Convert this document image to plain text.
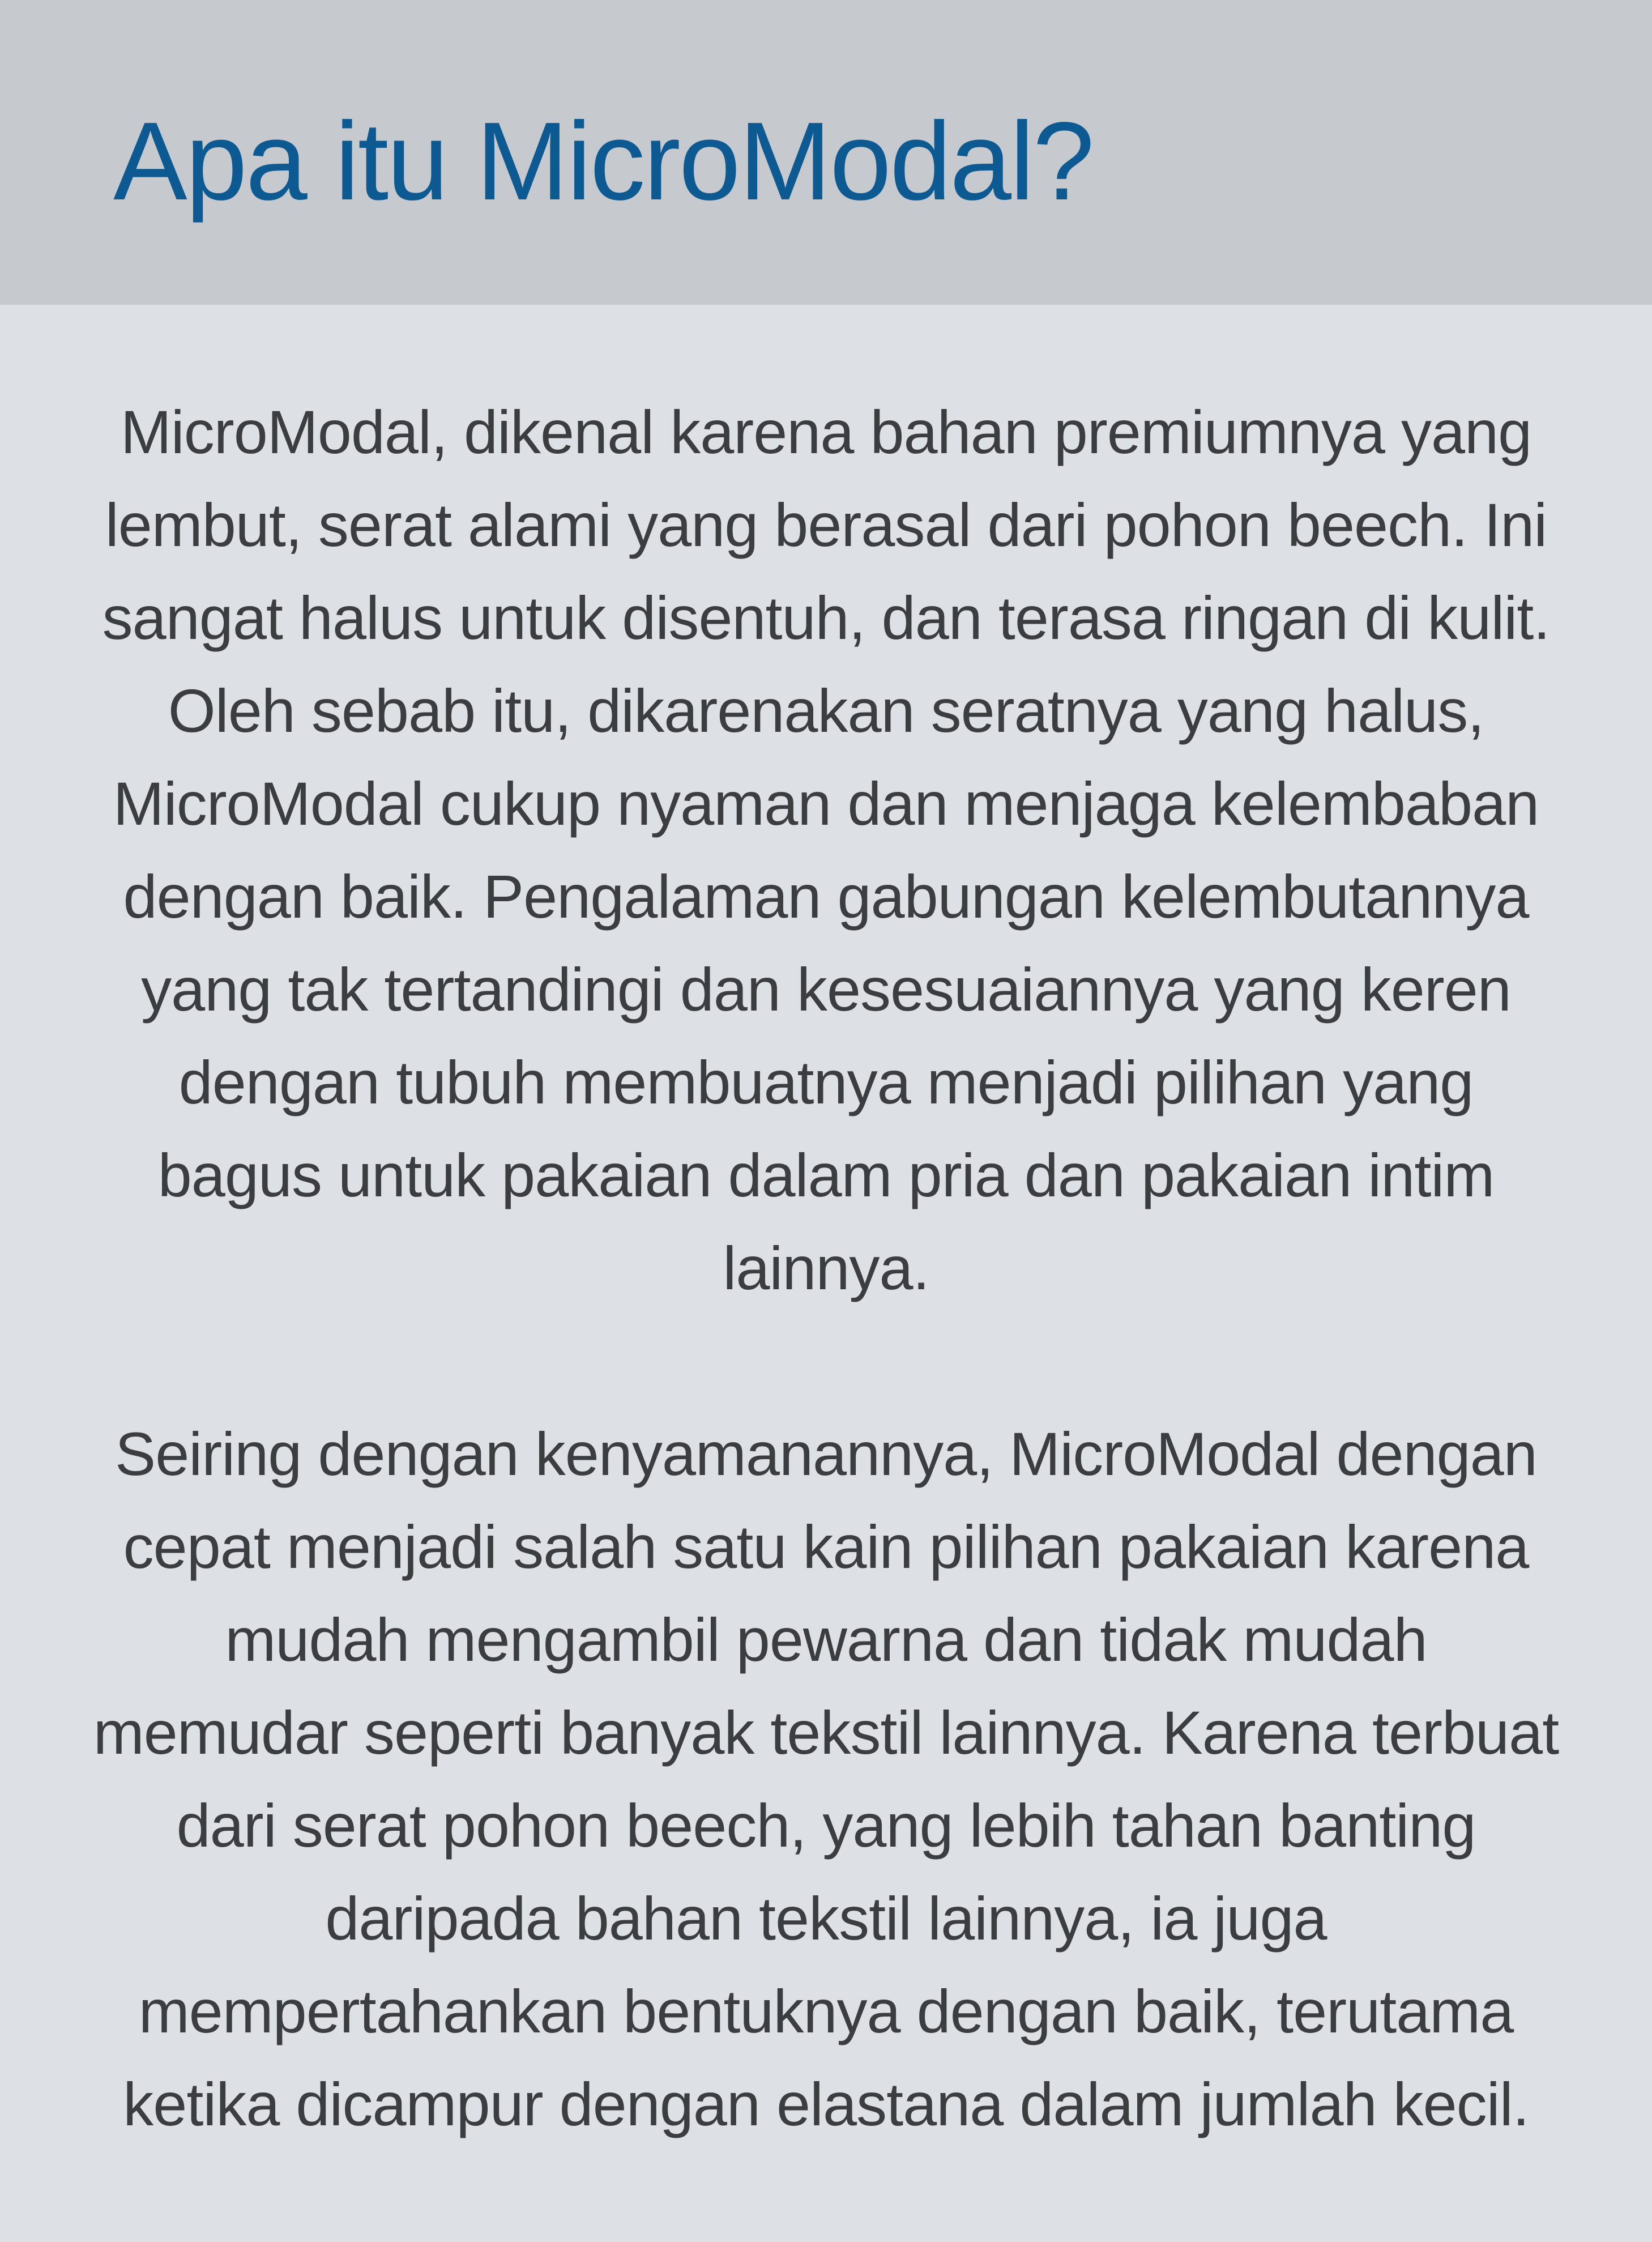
Apa itu MicroModal?

MicroModal, dikenal karena bahan premiumnya yang
lembut, serat alami yang berasal dari pohon beech. Ini
sangat halus untuk disentuh, dan terasa ringan di kulit.
Oleh sebab itu, dikarenakan seratnya yang halus,
MicroModal cukup nyaman dan menjaga kelembaban
dengan baik. Pengalaman gabungan kelembutannya
yang tak tertandingi dan kesesuaiannya yang keren
dengan tubuh membuatnya menjadi pilihan yang
bagus untuk pakaian dalam pria dan pakaian intim
lainnya.

Seiring dengan kenyamanannya, MicroModal dengan
cepat menjadi salah satu kain pilihan pakaian karena
mudah mengambil pewarna dan tidak mudah
memudar seperti banyak tekstil lainnya. Karena terbuat
dari serat pohon beech, yang lebih tahan banting
daripada bahan tekstil lainnya, ia juga
mempertahankan bentuknya dengan baik, terutama
ketika dicampur dengan elastana dalam jumlah kecil.
